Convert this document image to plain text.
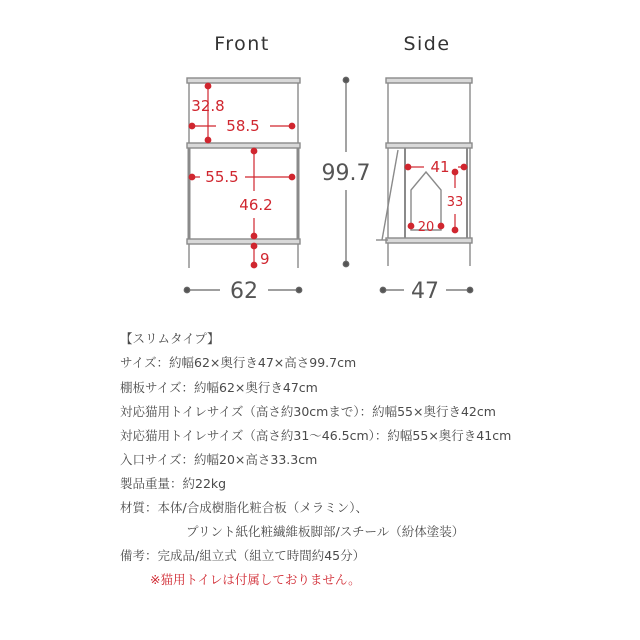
Front	Side
32.8
58.5
55.5
46.2
9
99.7
62
41
33
20
47
【スリムタイプ】
サイズ：約幅62×奥行き47×高さ99.7cm
棚板サイズ：約幅62×奥行き47cm
対応猫用トイレサイズ（高さ約30cmまで）：約幅55×奥行き42cm
対応猫用トイレサイズ（高さ約31～46.5cm）：約幅55×奥行き41cm
入口サイズ：約幅20×高さ33.3cm
製品重量：約22kg
材質：本体/合成樹脂化粧合板（メラミン）、
プリント紙化粧繊維板脚部/スチール（紛体塗装）
備考：完成品/組立式（組立て時間約45分）
※猫用トイレは付属しておりません。
